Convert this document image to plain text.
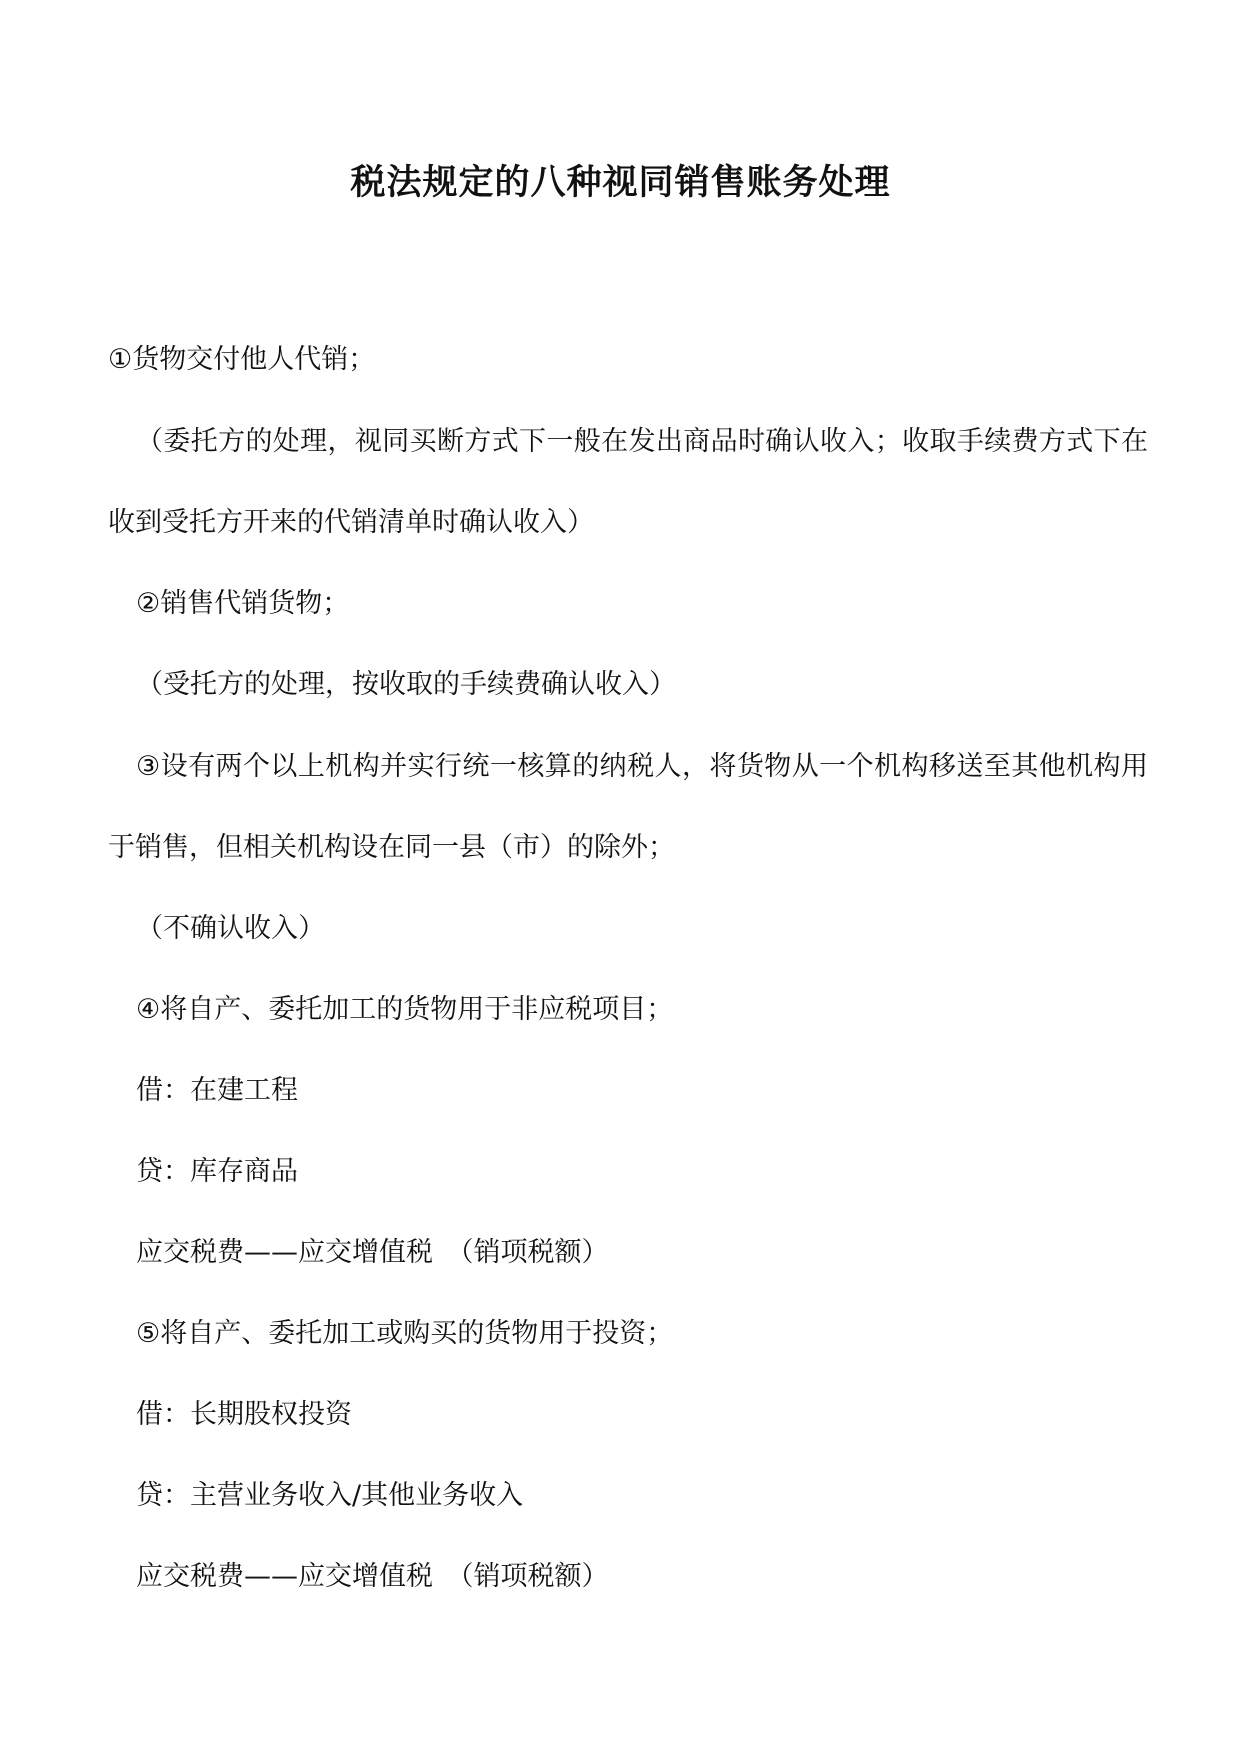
税法规定的八种视同销售账务处理
①货物交付他人代销；
（委托方的处理，视同买断方式下一般在发出商品时确认收入；收取手续费方式下在收到受托方开来的代销清单时确认收入）
②销售代销货物；
（受托方的处理，按收取的手续费确认收入）
③设有两个以上机构并实行统一核算的纳税人，将货物从一个机构移送至其他机构用于销售，但相关机构设在同一县（市）的除外；
（不确认收入）
④将自产、委托加工的货物用于非应税项目；
借：在建工程
贷：库存商品
应交税费——应交增值税　（销项税额）
⑤将自产、委托加工或购买的货物用于投资；
借：长期股权投资
贷：主营业务收入/其他业务收入
应交税费——应交增值税　（销项税额）
